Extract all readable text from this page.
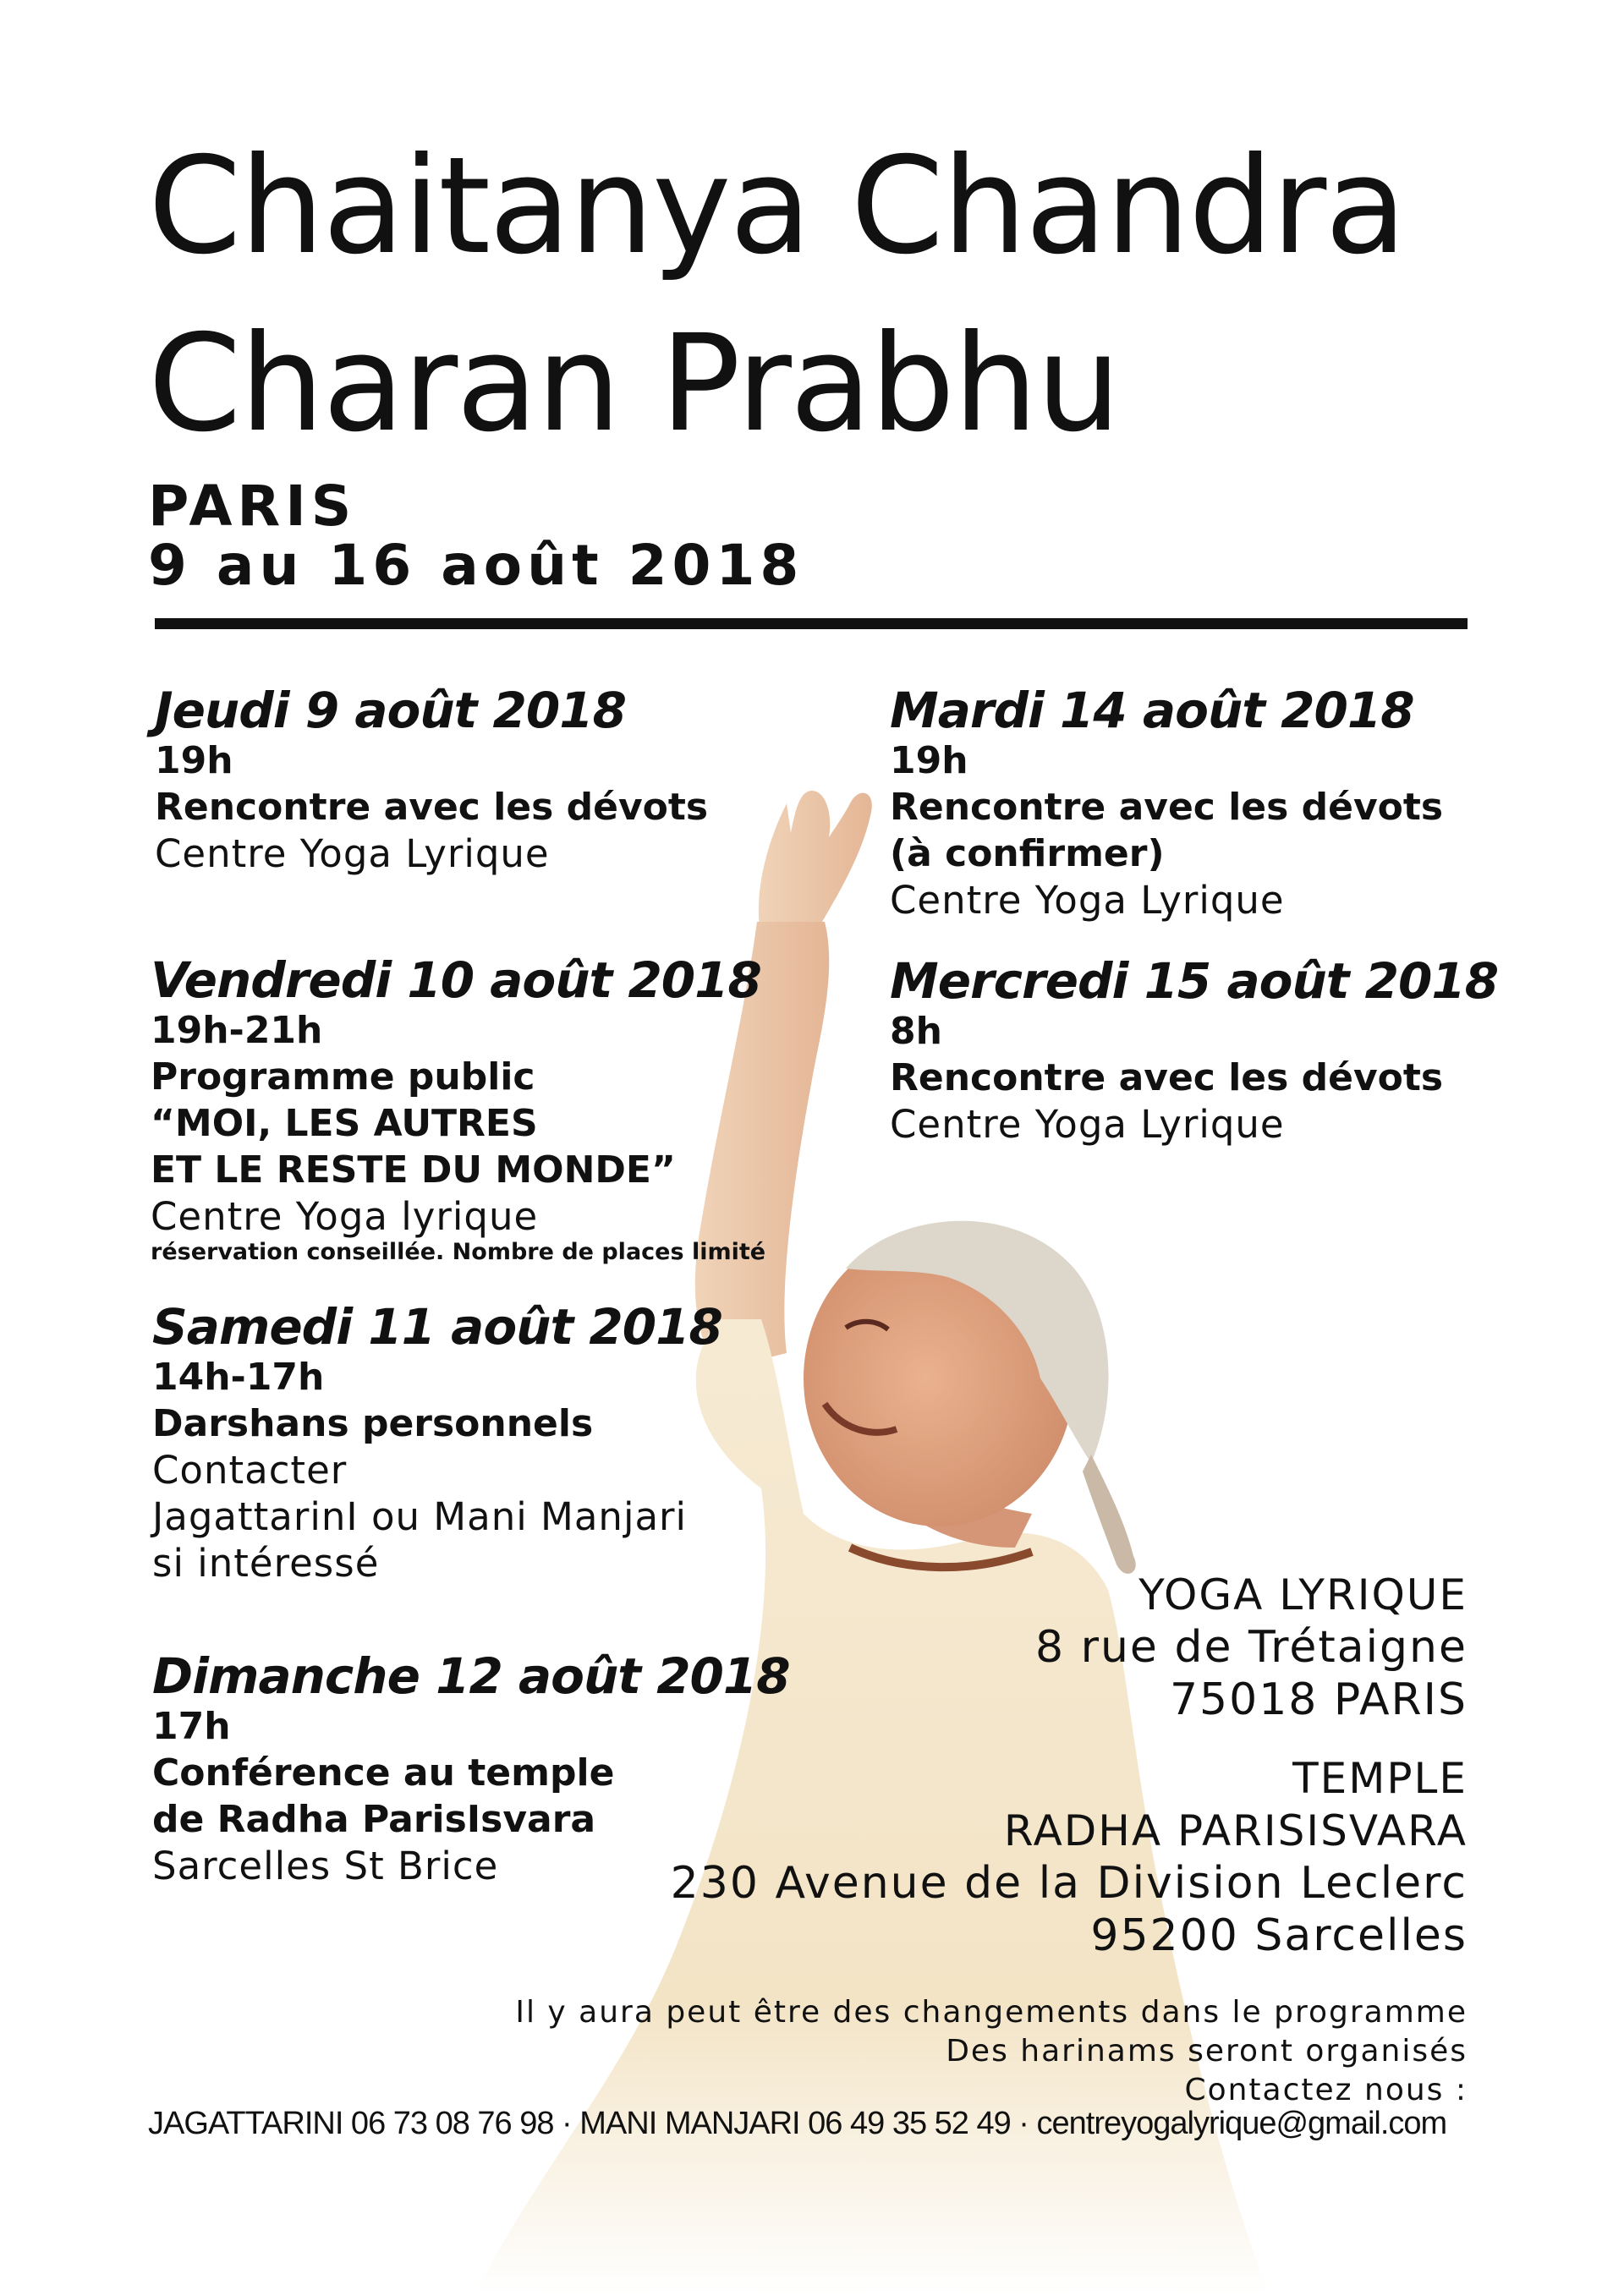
Chaitanya Chandra
Charan Prabhu
PARIS
9 au 16 août 2018
Jeudi 9 août 2018
19h
Rencontre avec les dévots
Centre Yoga Lyrique
Vendredi 10 août 2018
19h-21h
Programme public
“MOI, LES AUTRES
ET LE RESTE DU MONDE”
Centre Yoga lyrique
réservation conseillée. Nombre de places limité
Samedi 11 août 2018
14h-17h
Darshans personnels
Contacter
JagattarinI ou Mani Manjari
si intéressé
Dimanche 12 août 2018
17h
Conférence au temple
de Radha ParisIsvara
Sarcelles St Brice
Mardi 14 août 2018
19h
Rencontre avec les dévots
(à confirmer)
Centre Yoga Lyrique
Mercredi 15 août 2018
8h
Rencontre avec les dévots
Centre Yoga Lyrique
YOGA LYRIQUE
8 rue de Trétaigne
75018 PARIS
TEMPLE
RADHA PARISISVARA
230 Avenue de la Division Leclerc
95200 Sarcelles
Il y aura peut être des changements dans le programme
Des harinams seront organisés
Contactez nous :
JAGATTARINI 06 73 08 76 98 · MANI MANJARI 06 49 35 52 49 · centreyogalyrique@gmail.com
